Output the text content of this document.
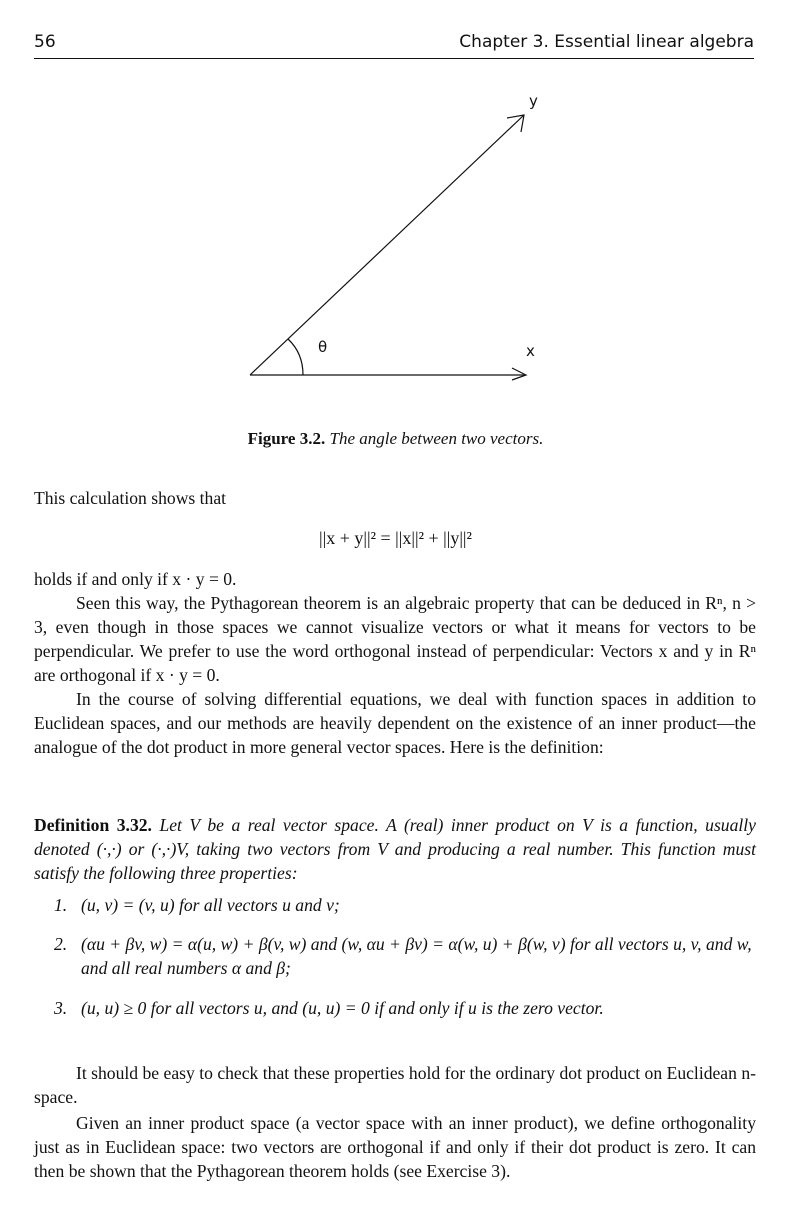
56	Chapter 3. Essential linear algebra
y
x
θ
Figure 3.2. The angle between two vectors.
This calculation shows that
||x + y||² = ||x||² + ||y||²
holds if and only if x · y = 0.
Seen this way, the Pythagorean theorem is an algebraic property that can be deduced in Rⁿ, n > 3, even though in those spaces we cannot visualize vectors or what it means for vectors to be perpendicular. We prefer to use the word orthogonal instead of perpendicular: Vectors x and y in Rⁿ are orthogonal if x · y = 0.
In the course of solving differential equations, we deal with function spaces in addition to Euclidean spaces, and our methods are heavily dependent on the existence of an inner product—the analogue of the dot product in more general vector spaces. Here is the definition:
Definition 3.32. Let V be a real vector space. A (real) inner product on V is a function, usually denoted (·,·) or (·,·)V, taking two vectors from V and producing a real number. This function must satisfy the following three properties:
1. (u, v) = (v, u) for all vectors u and v;
2. (αu + βv, w) = α(u, w) + β(v, w) and (w, αu + βv) = α(w, u) + β(w, v) for all vectors u, v, and w, and all real numbers α and β;
3. (u, u) ≥ 0 for all vectors u, and (u, u) = 0 if and only if u is the zero vector.
It should be easy to check that these properties hold for the ordinary dot product on Euclidean n-space.
Given an inner product space (a vector space with an inner product), we define orthogonality just as in Euclidean space: two vectors are orthogonal if and only if their dot product is zero. It can then be shown that the Pythagorean theorem holds (see Exercise 3).
